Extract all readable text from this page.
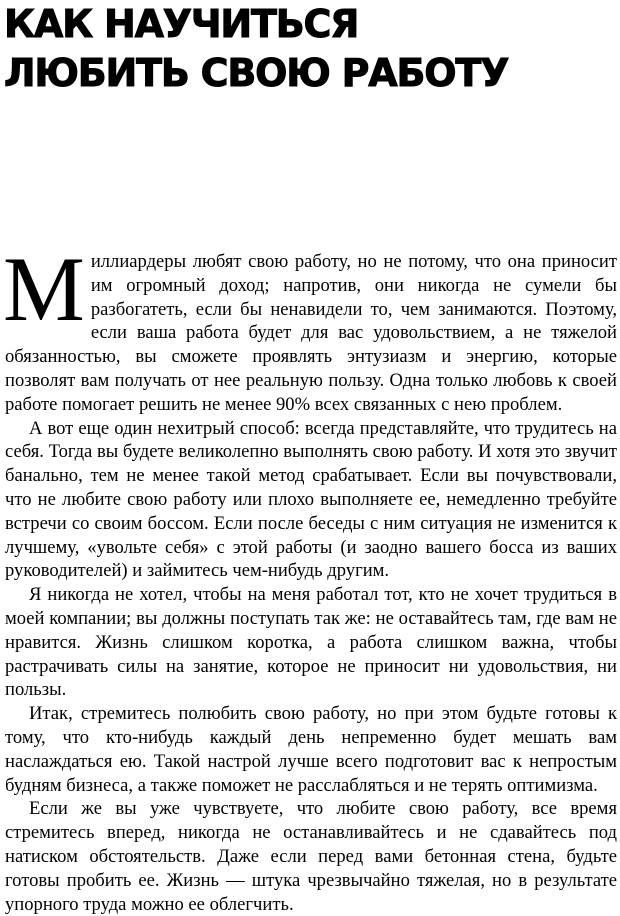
КАК НАУЧИТЬСЯ
ЛЮБИТЬ СВОЮ РАБОТУ

Миллиардеры любят свою работу, но не потому, что она приносит им огромный доход; напротив, они никогда не сумели бы разбогатеть, если бы ненавидели то, чем занимаются. Поэтому, если ваша работа будет для вас удовольствием, а не тяжелой обязанностью, вы сможете проявлять энтузиазм и энергию, которые позволят вам получать от нее реальную пользу. Одна только любовь к своей работе помогает решить не менее 90% всех связанных с нею проблем.

А вот еще один нехитрый способ: всегда представляйте, что трудитесь на себя. Тогда вы будете великолепно выполнять свою работу. И хотя это звучит банально, тем не менее такой метод срабатывает. Если вы почувствовали, что не любите свою работу или плохо выполняете ее, немедленно требуйте встречи со своим боссом. Если после беседы с ним ситуация не изменится к лучшему, «увольте себя» с этой работы (и заодно вашего босса из ваших руководителей) и займитесь чем-нибудь другим.

Я никогда не хотел, чтобы на меня работал тот, кто не хочет трудиться в моей компании; вы должны поступать так же: не оставайтесь там, где вам не нравится. Жизнь слишком коротка, а работа слишком важна, чтобы растрачивать силы на занятие, которое не приносит ни удовольствия, ни пользы.

Итак, стремитесь полюбить свою работу, но при этом будьте готовы к тому, что кто-нибудь каждый день непременно будет мешать вам наслаждаться ею. Такой настрой лучше всего подготовит вас к непростым будням бизнеса, а также поможет не расслабляться и не терять оптимизма.

Если же вы уже чувствуете, что любите свою работу, все время стремитесь вперед, никогда не останавливайтесь и не сдавайтесь под натиском обстоятельств. Даже если перед вами бетонная стена, будьте готовы пробить ее. Жизнь — штука чрезвычайно тяжелая, но в результате упорного труда можно ее облегчить.
